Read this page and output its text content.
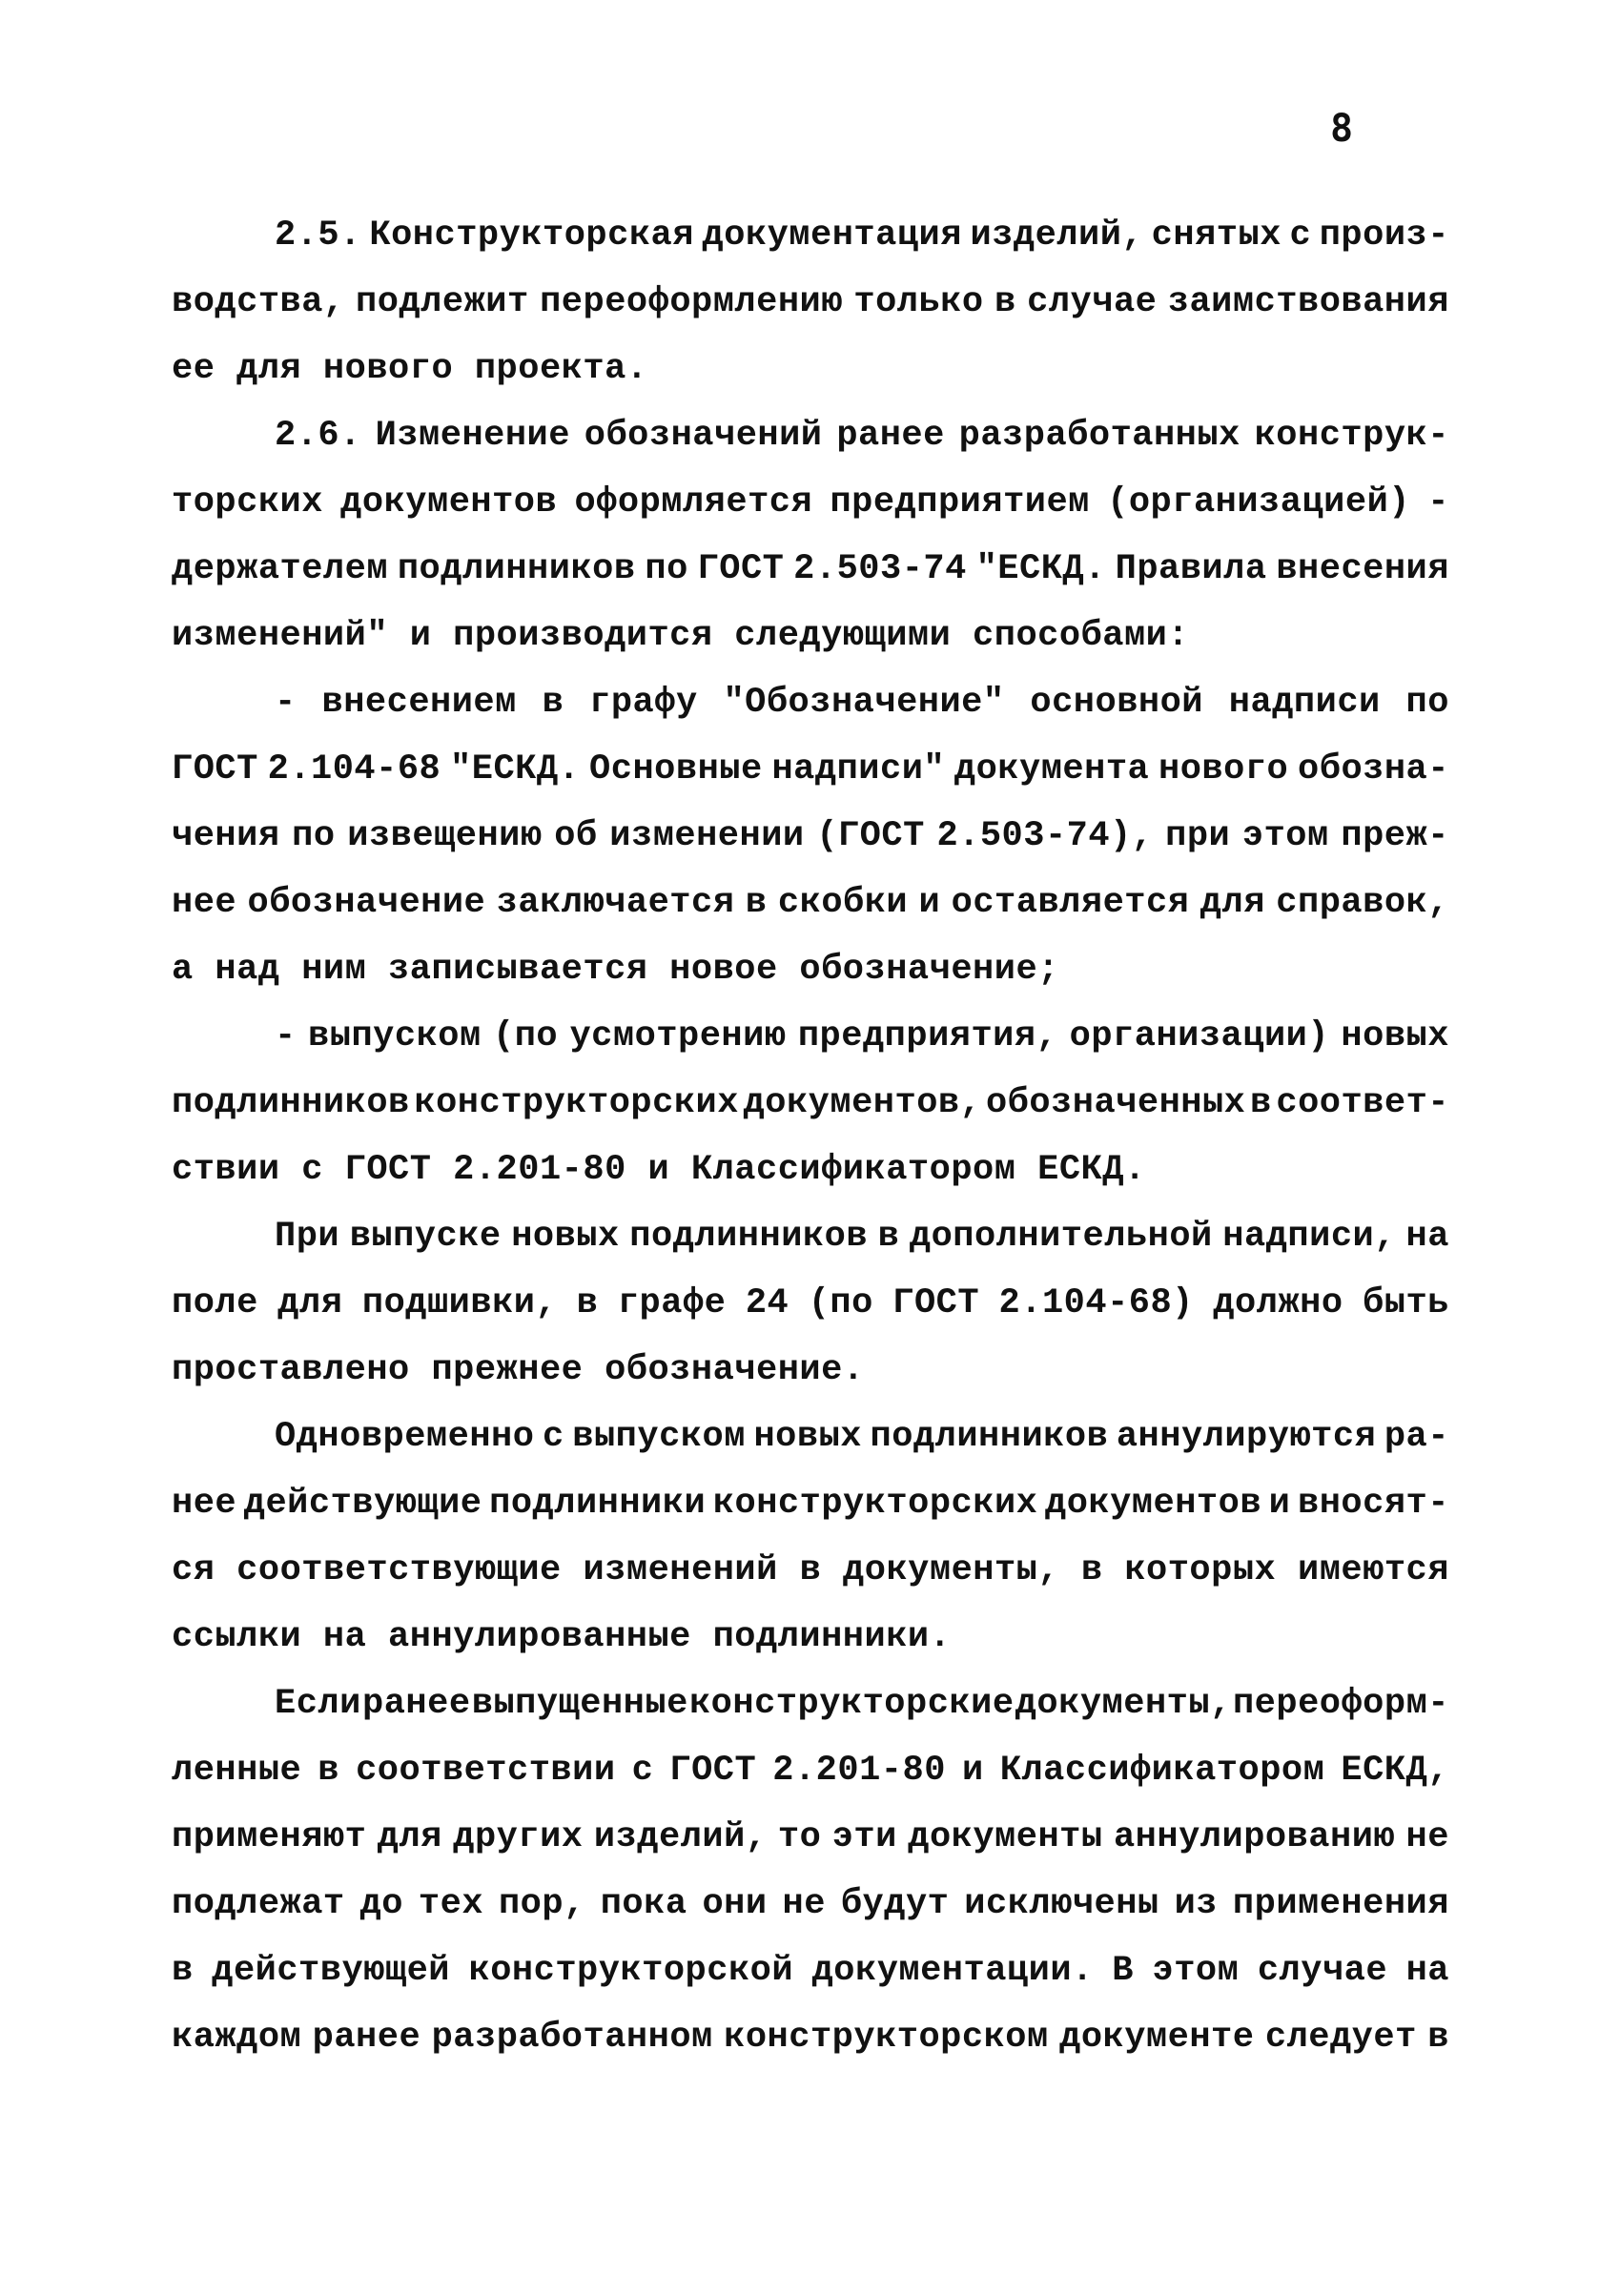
8
2.5. Конструкторская документация изделий, снятых с произ-
водства, подлежит переоформлению только в случае заимствования
ее для нового проекта.
2.6. Изменение обозначений ранее разработанных конструк-
торских документов оформляется предприятием (организацией) -
держателем подлинников по ГОСТ 2.503-74 "ЕСКД. Правила внесения
изменений" и производится следующими способами:
- внесением в графу "Обозначение" основной надписи по
ГОСТ 2.104-68 "ЕСКД. Основные надписи" документа нового обозна-
чения по извещению об изменении (ГОСТ 2.503-74), при этом преж-
нее обозначение заключается в скобки и оставляется для справок,
а над ним записывается новое обозначение;
- выпуском (по усмотрению предприятия, организации) новых
подлинников конструкторских документов, обозначенных в соответ-
ствии с ГОСТ 2.201-80 и Классификатором ЕСКД.
При выпуске новых подлинников в дополнительной надписи, на
поле для подшивки, в графе 24 (по ГОСТ 2.104-68) должно быть
проставлено прежнее обозначение.
Одновременно с выпуском новых подлинников аннулируются ра-
нее действующие подлинники конструкторских документов и вносят-
ся соответствующие изменений в документы, в которых имеются
ссылки на аннулированные подлинники.
Если ранее выпущенные конструкторские документы, переоформ-
ленные в соответствии с ГОСТ 2.201-80 и Классификатором ЕСКД,
применяют для других изделий, то эти документы аннулированию не
подлежат до тех пор, пока они не будут исключены из применения
в действующей конструкторской документации. В этом случае на
каждом ранее разработанном конструкторском документе следует в
